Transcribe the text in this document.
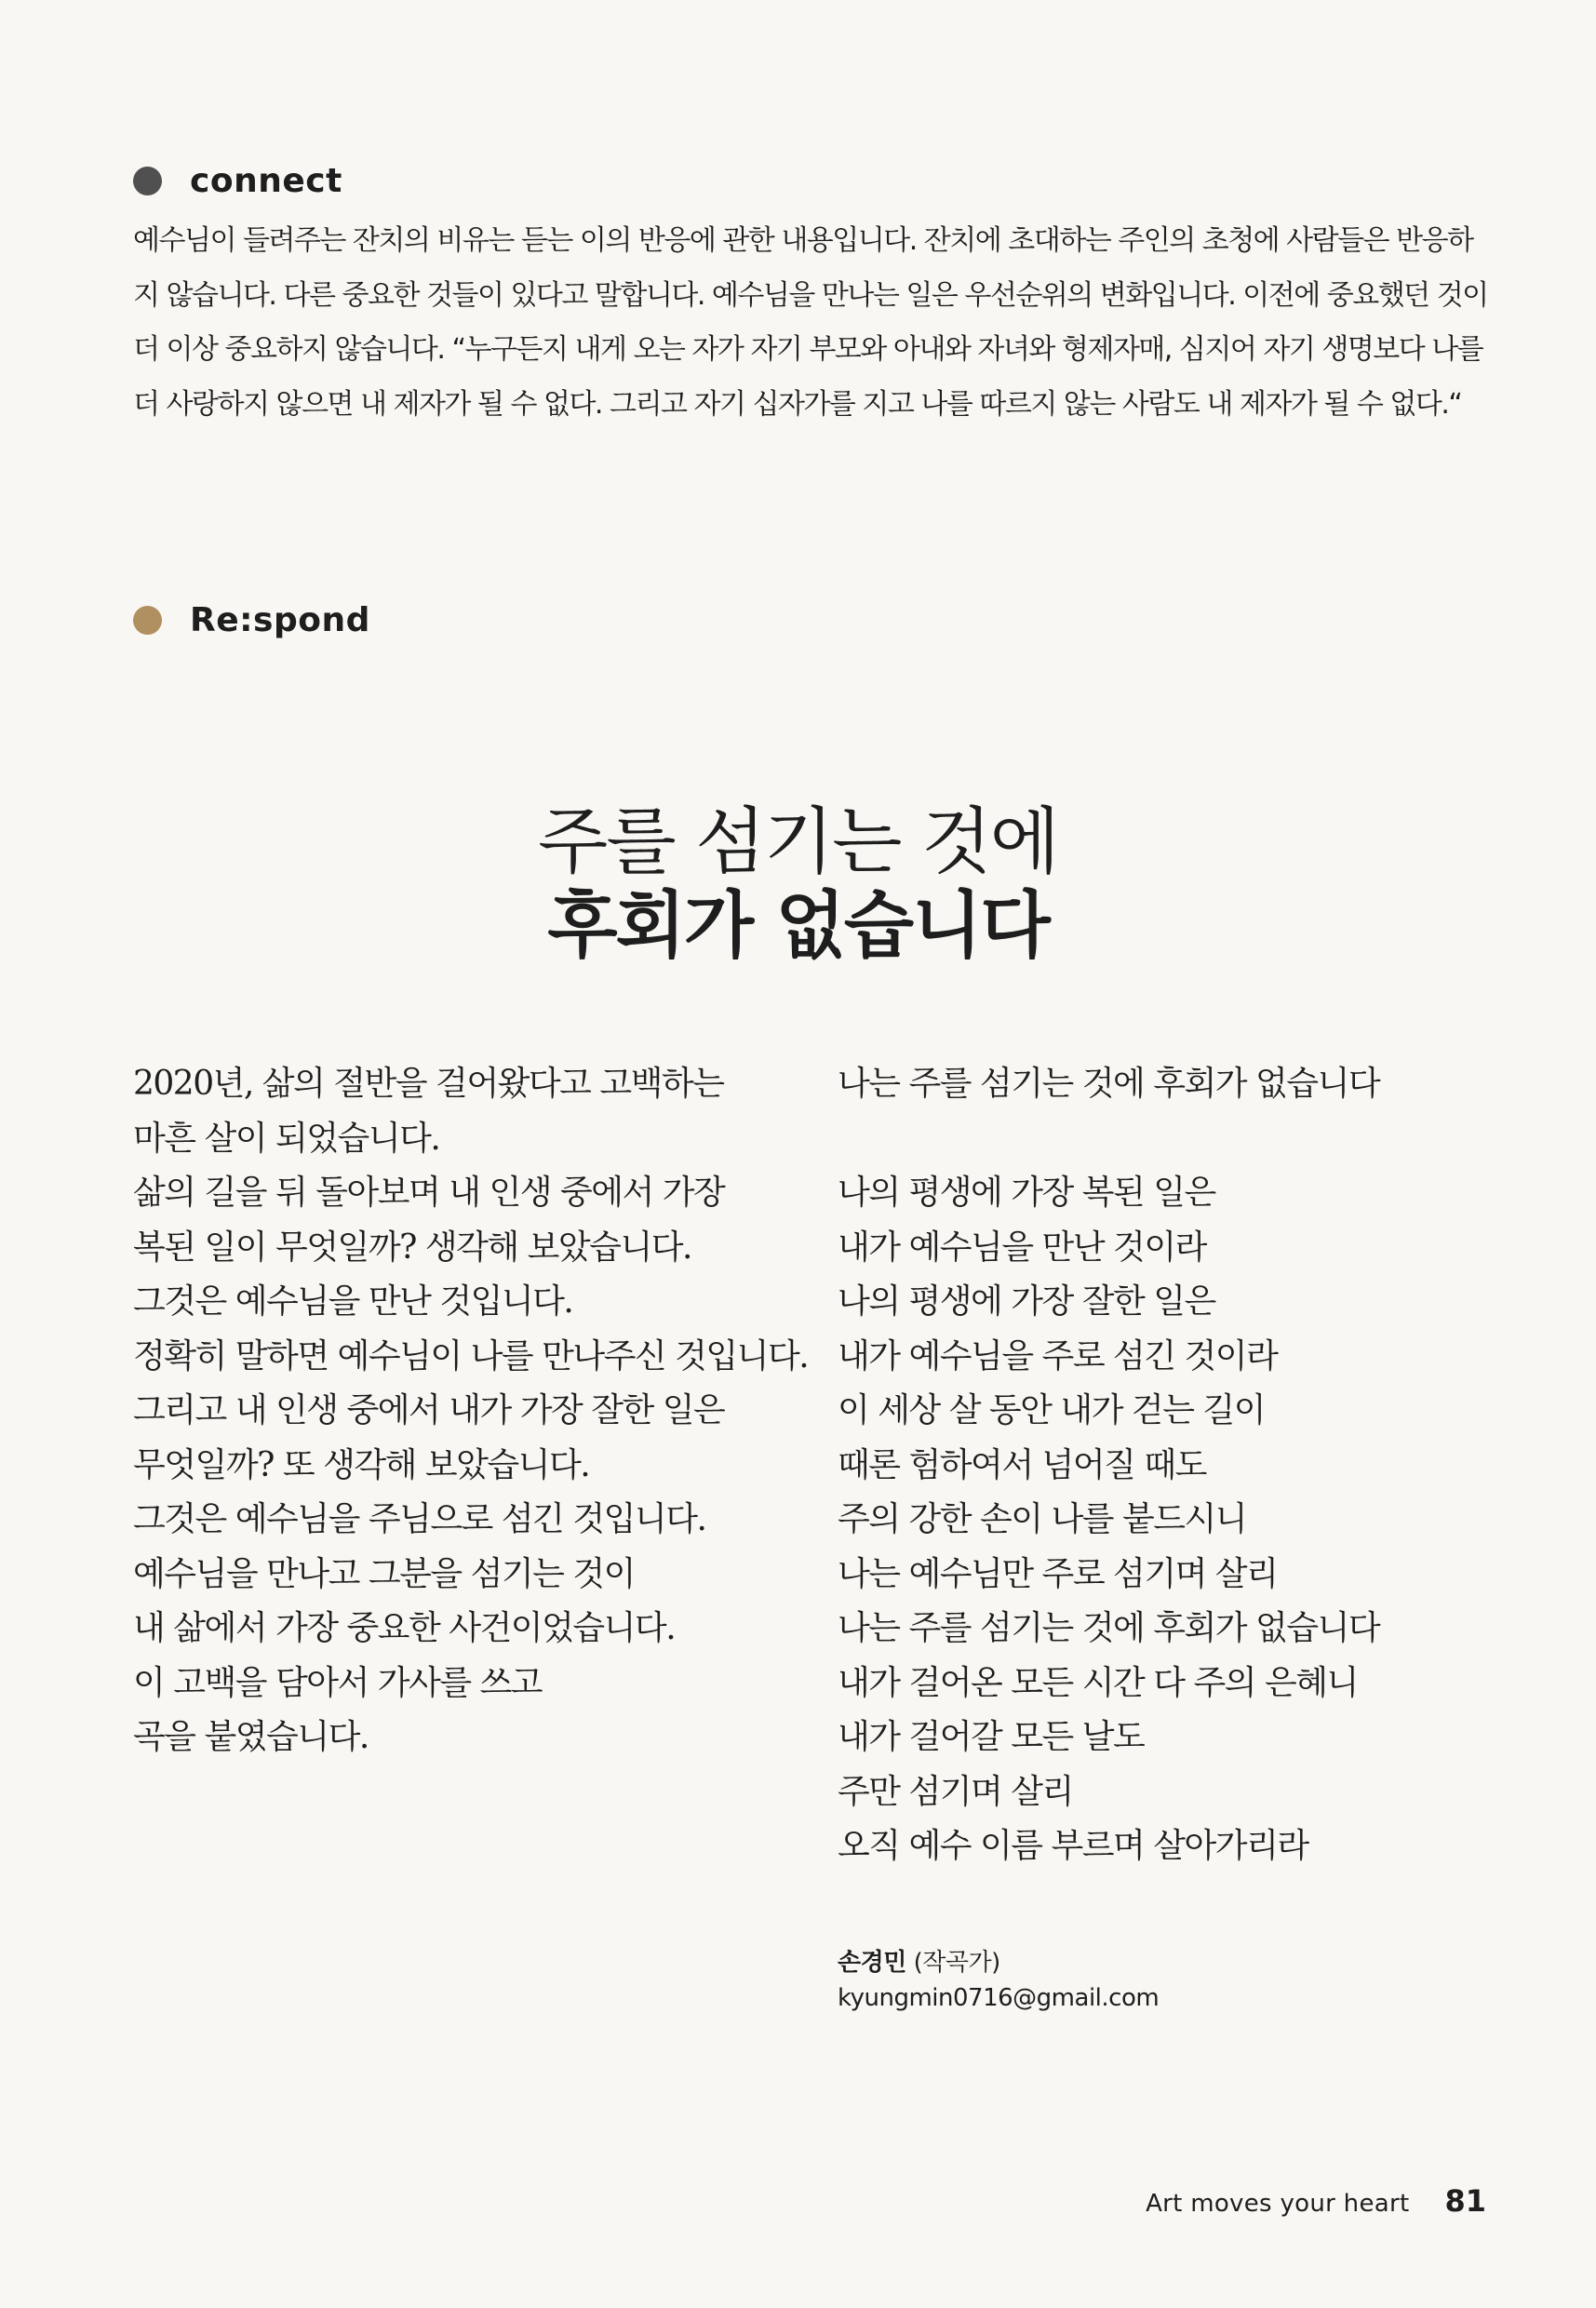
connect

예수님이 들려주는 잔치의 비유는 듣는 이의 반응에 관한 내용입니다. 잔치에 초대하는 주인의 초청에 사람들은 반응하지 않습니다. 다른 중요한 것들이 있다고 말합니다. 예수님을 만나는 일은 우선순위의 변화입니다. 이전에 중요했던 것이 더 이상 중요하지 않습니다. “누구든지 내게 오는 자가 자기 부모와 아내와 자녀와 형제자매, 심지어 자기 생명보다 나를 더 사랑하지 않으면 내 제자가 될 수 없다. 그리고 자기 십자가를 지고 나를 따르지 않는 사람도 내 제자가 될 수 없다.“

Re:spond
주를 섬기는 것에
후회가 없습니다
2020년, 삶의 절반을 걸어왔다고 고백하는
마흔 살이 되었습니다.
삶의 길을 뒤 돌아보며 내 인생 중에서 가장
복된 일이 무엇일까? 생각해 보았습니다.
그것은 예수님을 만난 것입니다.
정확히 말하면 예수님이 나를 만나주신 것입니다.
그리고 내 인생 중에서 내가 가장 잘한 일은
무엇일까? 또 생각해 보았습니다.
그것은 예수님을 주님으로 섬긴 것입니다.
예수님을 만나고 그분을 섬기는 것이
내 삶에서 가장 중요한 사건이었습니다.
이 고백을 담아서 가사를 쓰고
곡을 붙였습니다.
나는 주를 섬기는 것에 후회가 없습니다
나의 평생에 가장 복된 일은
내가 예수님을 만난 것이라
나의 평생에 가장 잘한 일은
내가 예수님을 주로 섬긴 것이라
이 세상 살 동안 내가 걷는 길이
때론 험하여서 넘어질 때도
주의 강한 손이 나를 붙드시니
나는 예수님만 주로 섬기며 살리
나는 주를 섬기는 것에 후회가 없습니다
내가 걸어온 모든 시간 다 주의 은혜니
내가 걸어갈 모든 날도
주만 섬기며 살리
오직 예수 이름 부르며 살아가리라
손경민 (작곡가)
kyungmin0716@gmail.com
Art moves your heart 81
